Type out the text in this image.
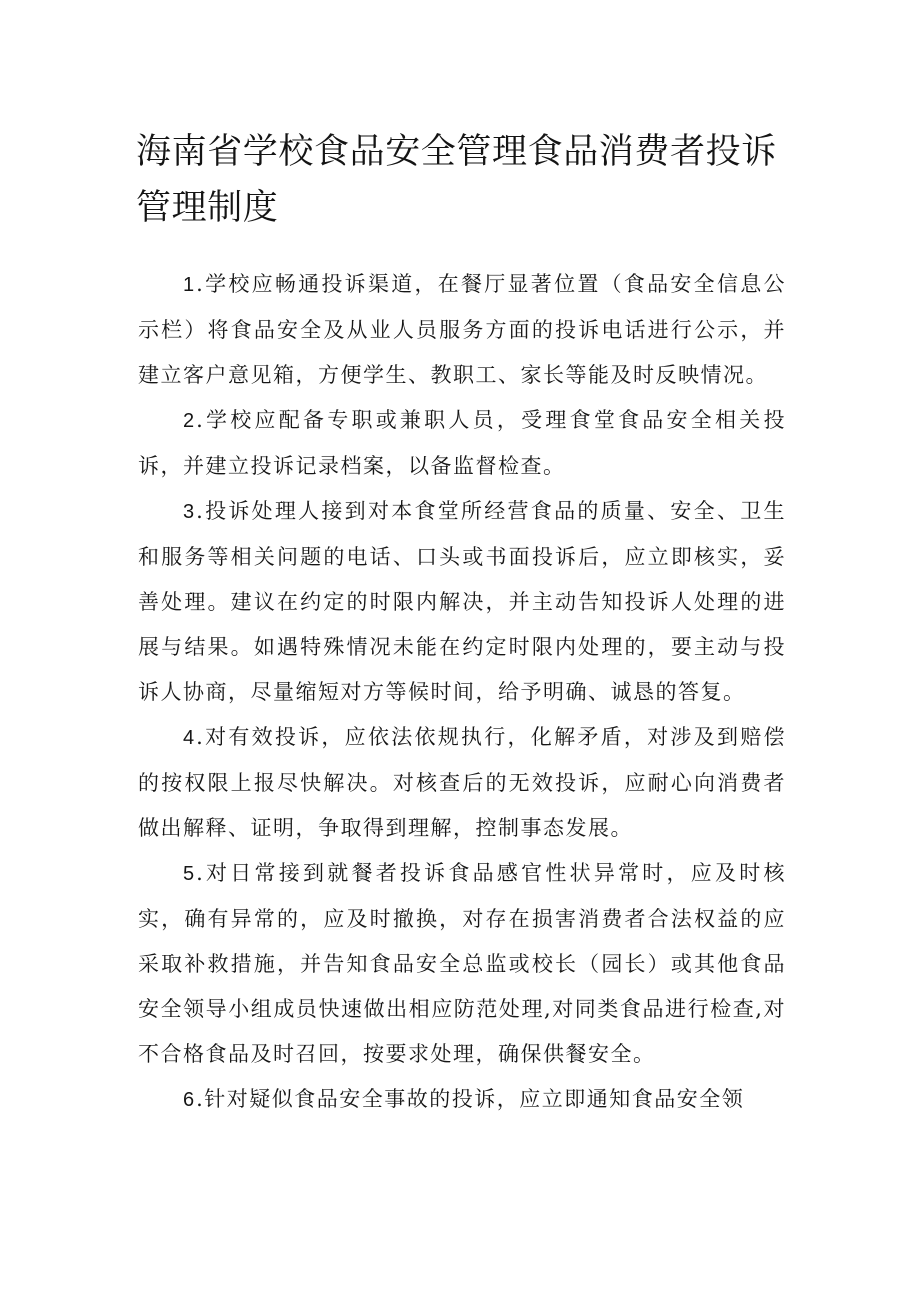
海南省学校食品安全管理食品消费者投诉管理制度

1.学校应畅通投诉渠道，在餐厅显著位置（食品安全信息公示栏）将食品安全及从业人员服务方面的投诉电话进行公示，并建立客户意见箱，方便学生、教职工、家长等能及时反映情况。

2.学校应配备专职或兼职人员，受理食堂食品安全相关投诉，并建立投诉记录档案，以备监督检查。

3.投诉处理人接到对本食堂所经营食品的质量、安全、卫生和服务等相关问题的电话、口头或书面投诉后，应立即核实，妥善处理。建议在约定的时限内解决，并主动告知投诉人处理的进展与结果。如遇特殊情况未能在约定时限内处理的，要主动与投诉人协商，尽量缩短对方等候时间，给予明确、诚恳的答复。

4.对有效投诉，应依法依规执行，化解矛盾，对涉及到赔偿的按权限上报尽快解决。对核查后的无效投诉，应耐心向消费者做出解释、证明，争取得到理解，控制事态发展。

5.对日常接到就餐者投诉食品感官性状异常时，应及时核实，确有异常的，应及时撤换，对存在损害消费者合法权益的应采取补救措施，并告知食品安全总监或校长（园长）或其他食品安全领导小组成员快速做出相应防范处理,对同类食品进行检查,对不合格食品及时召回，按要求处理，确保供餐安全。

6.针对疑似食品安全事故的投诉，应立即通知食品安全领
